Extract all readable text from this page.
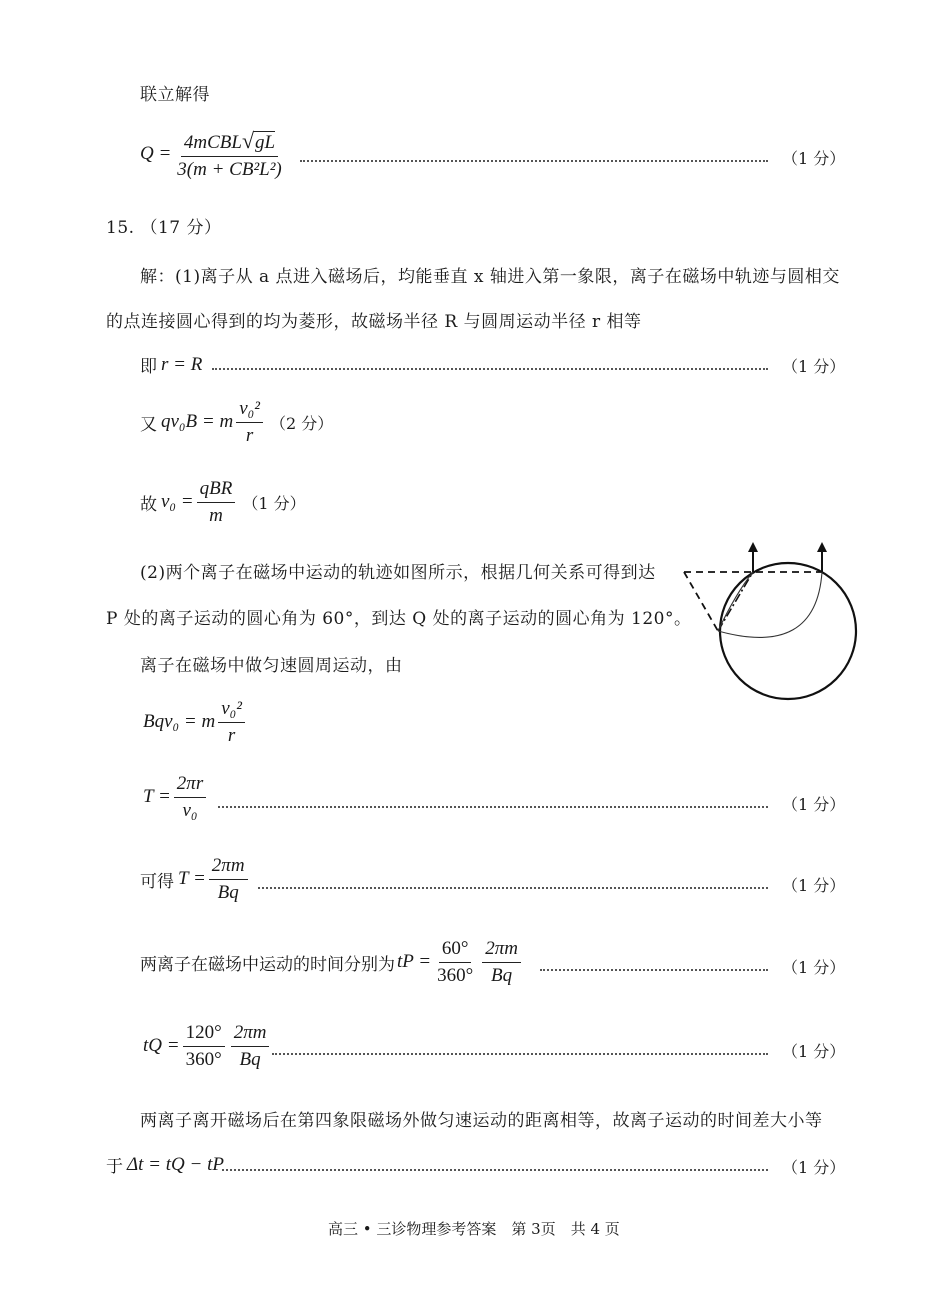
联立解得
$Q = \frac{\text{4mCBL√gL}}{\text{3(m + CB²L²)}}$	（1 分）
15. （17 分）
解：(1)离子从 a 点进入磁场后，均能垂直 x 轴进入第一象限，离子在磁场中轨迹与圆相交
的点连接圆心得到的均为菱形，故磁场半径 R 与圆周运动半径 r 相等
即 r = R	（1 分）
又 qv₀B = m $\frac{\text{v₀²}}{r} (2$ 分）
故 $v_0 = \frac{\text{qBR}}{m} (1$ 分）
(2)两个离子在磁场中运动的轨迹如图所示，根据几何关系可得到达
P 处的离子运动的圆心角为 60°，到达 Q 处的离子运动的圆心角为 120°。
离子在磁场中做匀速圆周运动，由
Bqv₀ = m $\frac{\text{v₀²}}{r}$
$T = \frac{2\pi r}{\text{v₀}}$	（1 分）
可得 $T = \frac{2\pi m}{Bq}$	（1 分）
两离子在磁场中运动的时间分别为 tP = $\frac{60^\circ}{360^\circ} \frac{2\pi m}{Bq}$	（1 分）
tQ = $\frac{120^\circ}{360^\circ} \frac{2\pi m}{Bq}$	（1 分）
两离子离开磁场后在第四象限磁场外做匀速运动的距离相等，故离子运动的时间差大小等
于 Δt = tQ − tP	（1 分）
高三 • 三诊物理参考答案　第 3页　共 4 页
